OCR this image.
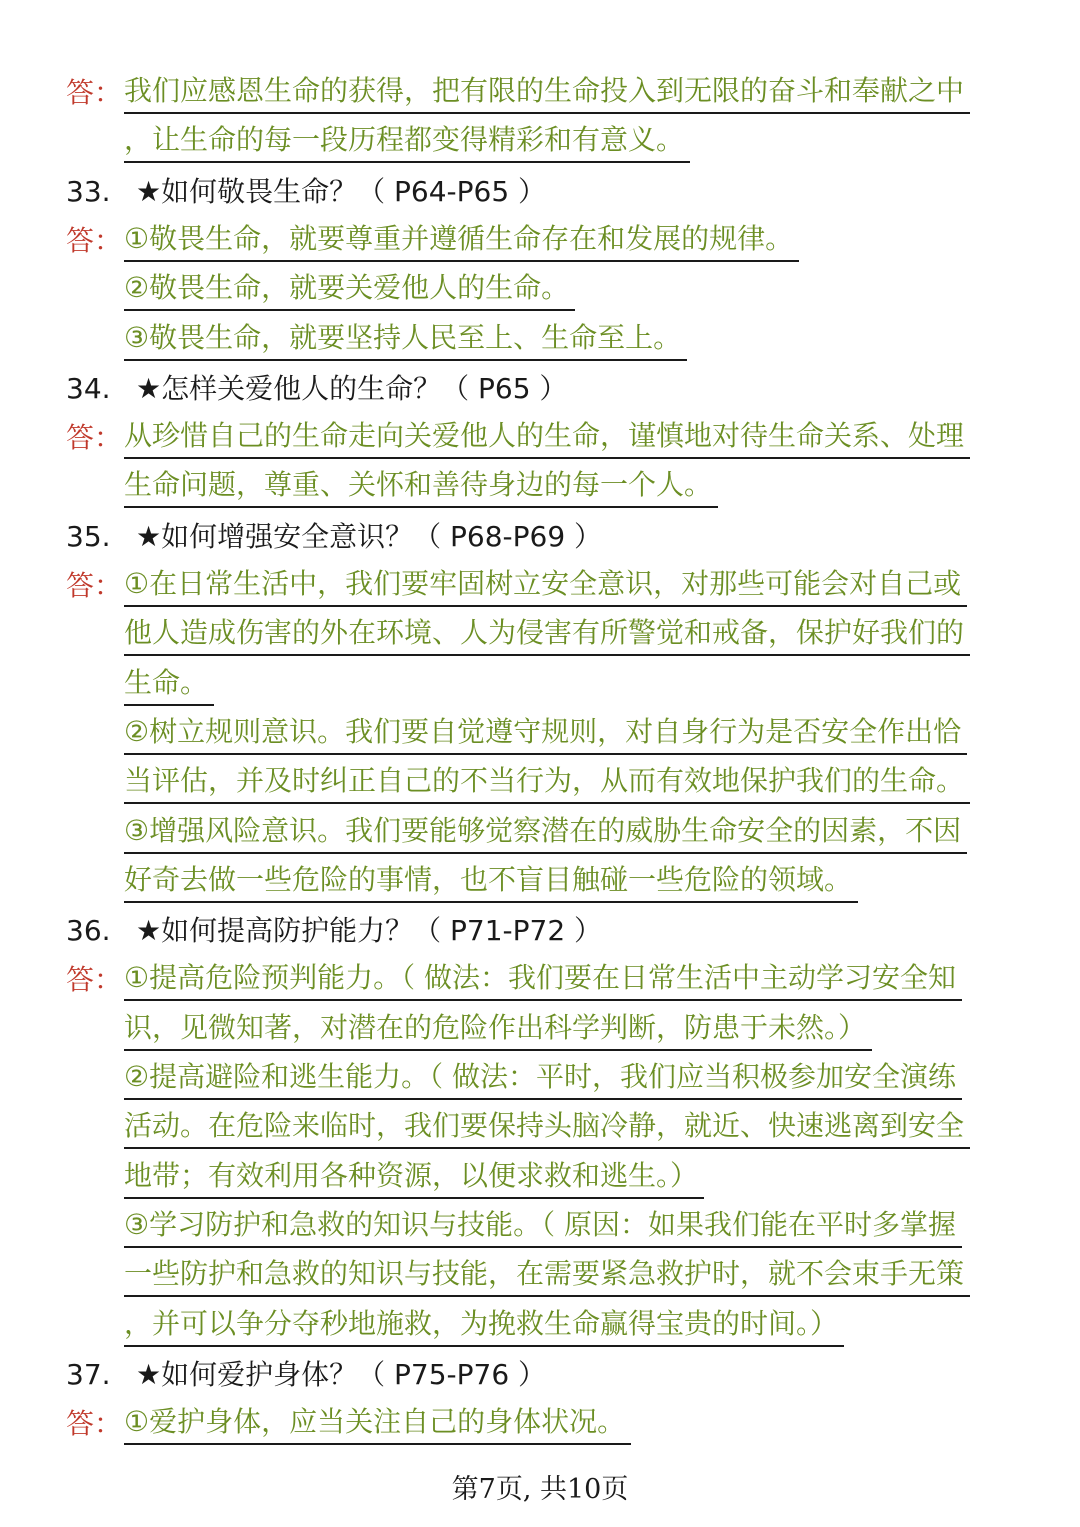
答： 我们应感恩生命的获得，把有限的生命投入到无限的奋斗和奉献之中
，让生命的每一段历程都变得精彩和有意义。
33. ★如何敬畏生命？（ P64-P65 ）
答： ①敬畏生命，就要尊重并遵循生命存在和发展的规律。
②敬畏生命，就要关爱他人的生命。
③敬畏生命，就要坚持人民至上、生命至上。
34. ★怎样关爱他人的生命？（ P65 ）
答： 从珍惜自己的生命走向关爱他人的生命，谨慎地对待生命关系、处理
生命问题，尊重、关怀和善待身边的每一个人。
35. ★如何增强安全意识？（ P68-P69 ）
答： ①在日常生活中，我们要牢固树立安全意识，对那些可能会对自己或
他人造成伤害的外在环境、人为侵害有所警觉和戒备，保护好我们的
生命。
②树立规则意识。我们要自觉遵守规则，对自身行为是否安全作出恰
当评估，并及时纠正自己的不当行为，从而有效地保护我们的生命。
③增强风险意识。我们要能够觉察潜在的威胁生命安全的因素，不因
好奇去做一些危险的事情，也不盲目触碰一些危险的领域。
36. ★如何提高防护能力？（ P71-P72 ）
答： ①提高危险预判能力。（ 做法：我们要在日常生活中主动学习安全知
识，见微知著，对潜在的危险作出科学判断，防患于未然。）
②提高避险和逃生能力。（ 做法：平时，我们应当积极参加安全演练
活动。在危险来临时，我们要保持头脑冷静，就近、快速逃离到安全
地带；有效利用各种资源，以便求救和逃生。）
③学习防护和急救的知识与技能。（ 原因：如果我们能在平时多掌握
一些防护和急救的知识与技能，在需要紧急救护时，就不会束手无策
，并可以争分夺秒地施救，为挽救生命赢得宝贵的时间。）
37. ★如何爱护身体？（ P75-P76 ）
答： ①爱护身体，应当关注自己的身体状况。
第7页, 共10页
